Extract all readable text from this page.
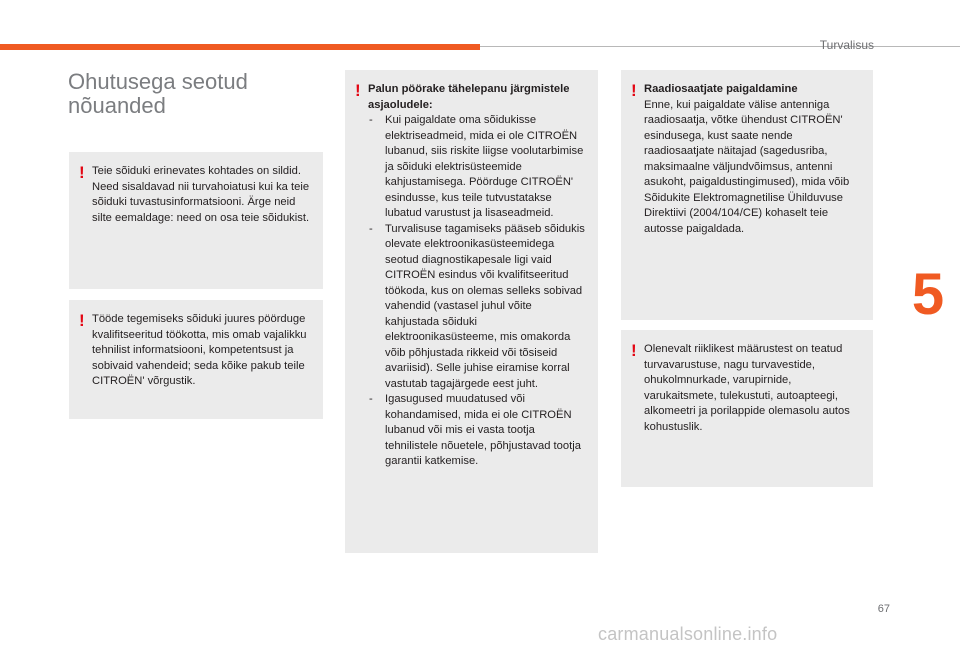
Turvalisus
5
Ohutusega seotud nõuanded
! Teie sõiduki erinevates kohtades on sildid. Need sisaldavad nii turvahoiatusi kui ka teie sõiduki tuvastusinformatsiooni. Ärge neid silte eemaldage: need on osa teie sõidukist.

! Tööde tegemiseks sõiduki juures pöörduge kvalifitseeritud töökotta, mis omab vajalikku tehnilist informatsiooni, kompetentsust ja sobivaid vahendeid; seda kõike pakub teile CITROËN' võrgustik.

! Palun pöörake tähelepanu järgmistele asjaoludele:

- Kui paigaldate oma sõidukisse elektriseadmeid, mida ei ole CITROËN lubanud, siis riskite liigse voolutarbimise ja sõiduki elektrisüsteemide kahjustamisega. Pöörduge CITROËN' esindusse, kus teile tutvustatakse lubatud varustust ja lisaseadmeid.
- Turvalisuse tagamiseks pääseb sõidukis olevate elektroonikasüsteemidega seotud diagnostikapesale ligi vaid CITROËN esindus või kvalifitseeritud töökoda, kus on olemas selleks sobivad vahendid (vastasel juhul võite kahjustada sõiduki elektroonikasüsteeme, mis omakorda võib põhjustada rikkeid või tõsiseid avariisid). Selle juhise eiramise korral vastutab tagajärgede eest juht.
- Igasugused muudatused või kohandamised, mida ei ole CITROËN lubanud või mis ei vasta tootja tehnilistele nõuetele, põhjustavad tootja garantii katkemise.
! Raadiosaatjate paigaldamine

Enne, kui paigaldate välise antenniga raadiosaatja, võtke ühendust CITROËN' esindusega, kust saate nende raadiosaatjate näitajad (sagedusriba, maksimaalne väljundvõimsus, antenni asukoht, paigaldustingimused), mida võib Sõidukite Elektromagnetilise Ühilduvuse Direktiivi (2004/104/CE) kohaselt teie autosse paigaldada.

! Olenevalt riiklikest määrustest on teatud turvavarustuse, nagu turvavestide, ohukolmnurkade, varupirnide, varukaitsmete, tulekustuti, autoapteegi, alkomeetri ja porilappide olemasolu autos kohustuslik.

67
carmanualsonline.info
